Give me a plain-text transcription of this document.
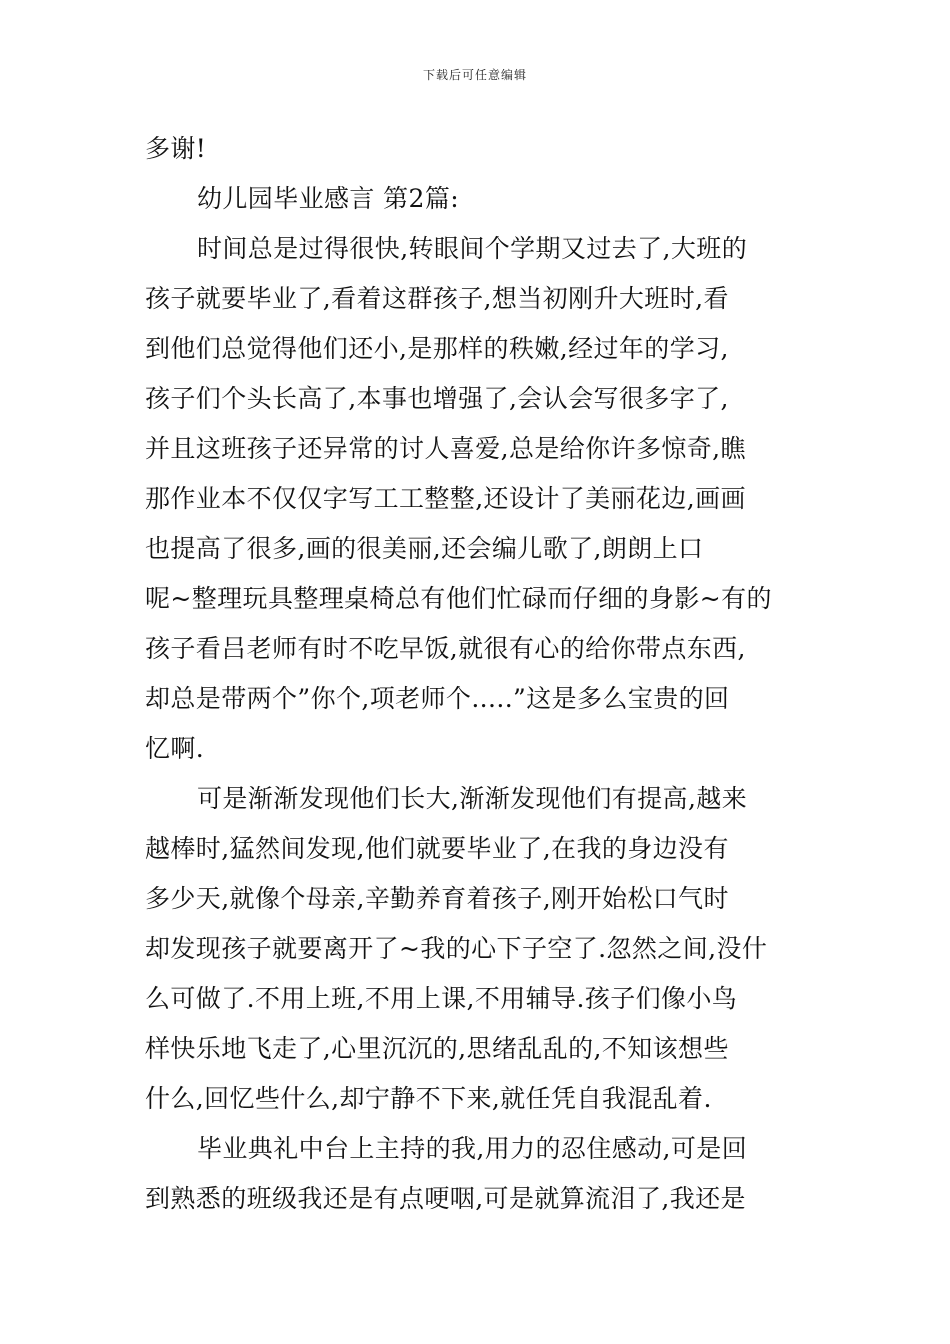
下载后可任意编辑
多谢!
幼儿园毕业感言 第2篇:
时间总是过得很快,转眼间个学期又过去了,大班的
孩子就要毕业了,看着这群孩子,想当初刚升大班时,看
到他们总觉得他们还小,是那样的秩嫩,经过年的学习,
孩子们个头长高了,本事也增强了,会认会写很多字了,
并且这班孩子还异常的讨人喜爱,总是给你许多惊奇,瞧
那作业本不仅仅字写工工整整,还设计了美丽花边,画画
也提高了很多,画的很美丽,还会编儿歌了,朗朗上口
呢~整理玩具整理桌椅总有他们忙碌而仔细的身影~有的
孩子看吕老师有时不吃早饭,就很有心的给你带点东西,
却总是带两个”你个,项老师个.....”这是多么宝贵的回
忆啊.
可是渐渐发现他们长大,渐渐发现他们有提高,越来
越棒时,猛然间发现,他们就要毕业了,在我的身边没有
多少天,就像个母亲,辛勤养育着孩子,刚开始松口气时
却发现孩子就要离开了~我的心下子空了.忽然之间,没什
么可做了.不用上班,不用上课,不用辅导.孩子们像小鸟
样快乐地飞走了,心里沉沉的,思绪乱乱的,不知该想些
什么,回忆些什么,却宁静不下来,就任凭自我混乱着.
毕业典礼中台上主持的我,用力的忍住感动,可是回
到熟悉的班级我还是有点哽咽,可是就算流泪了,我还是
